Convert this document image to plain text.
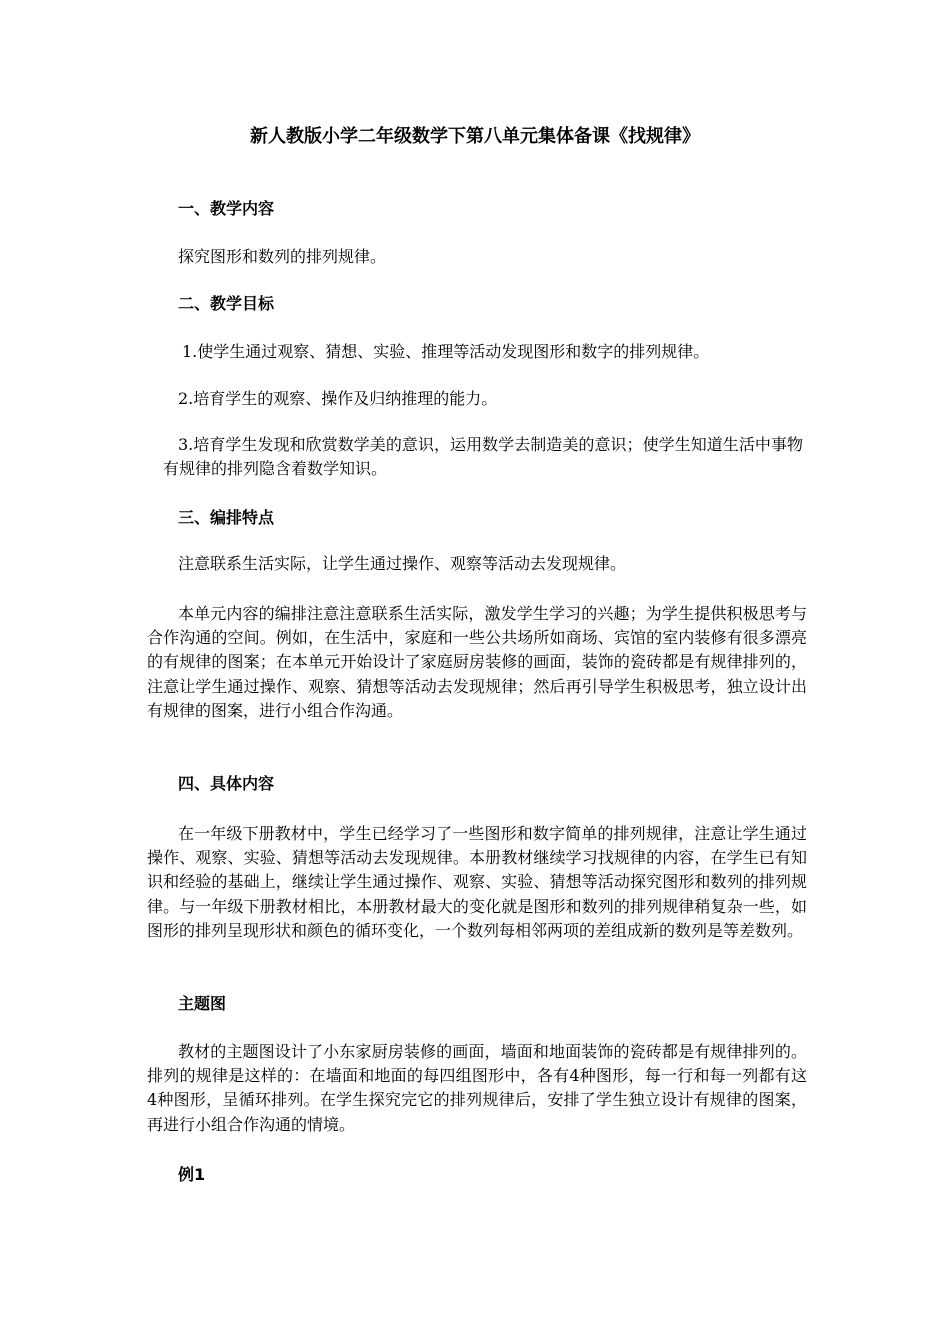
新人教版小学二年级数学下第八单元集体备课《找规律》
一、教学内容
探究图形和数列的排列规律。
二、教学目标
1.使学生通过观察、猜想、实验、推理等活动发现图形和数字的排列规律。
2.培育学生的观察、操作及归纳推理的能力。
3.培育学生发现和欣赏数学美的意识，运用数学去制造美的意识；使学生知道生活中事物有规律的排列隐含着数学知识。
三、编排特点
注意联系生活实际，让学生通过操作、观察等活动去发现规律。
本单元内容的编排注意注意联系生活实际，激发学生学习的兴趣；为学生提供积极思考与合作沟通的空间。例如，在生活中，家庭和一些公共场所如商场、宾馆的室内装修有很多漂亮的有规律的图案；在本单元开始设计了家庭厨房装修的画面，装饰的瓷砖都是有规律排列的，注意让学生通过操作、观察、猜想等活动去发现规律；然后再引导学生积极思考，独立设计出有规律的图案，进行小组合作沟通。
四、具体内容
在一年级下册教材中，学生已经学习了一些图形和数字简单的排列规律，注意让学生通过操作、观察、实验、猜想等活动去发现规律。本册教材继续学习找规律的内容，在学生已有知识和经验的基础上，继续让学生通过操作、观察、实验、猜想等活动探究图形和数列的排列规律。与一年级下册教材相比，本册教材最大的变化就是图形和数列的排列规律稍复杂一些，如图形的排列呈现形状和颜色的循环变化，一个数列每相邻两项的差组成新的数列是等差数列。
主题图
教材的主题图设计了小东家厨房装修的画面，墙面和地面装饰的瓷砖都是有规律排列的。排列的规律是这样的：在墙面和地面的每四组图形中，各有4种图形，每一行和每一列都有这4种图形，呈循环排列。在学生探究完它的排列规律后，安排了学生独立设计有规律的图案，再进行小组合作沟通的情境。
例1
